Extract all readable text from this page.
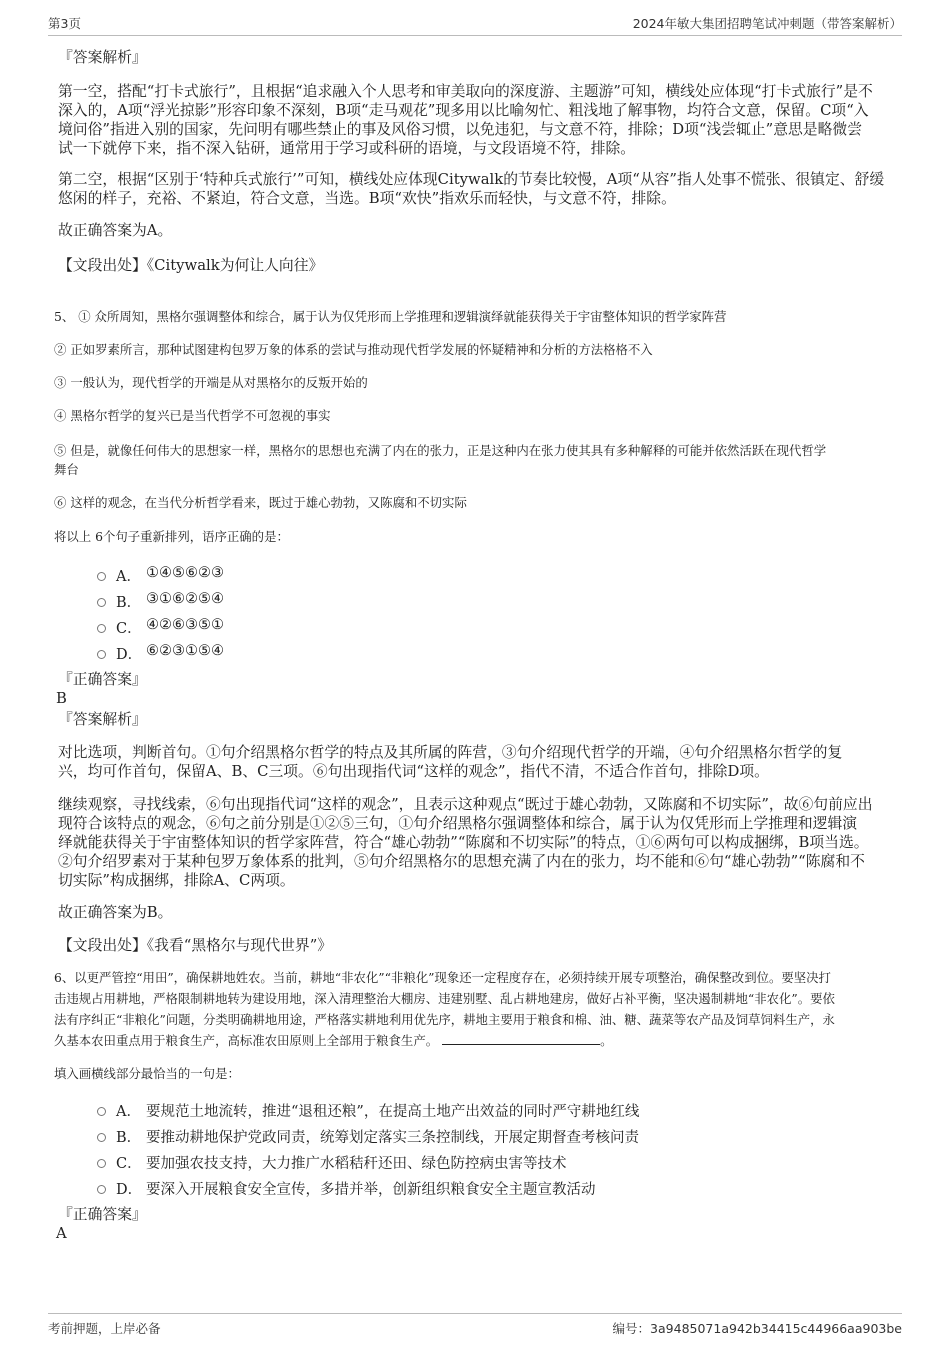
第3页	2024年敏大集团招聘笔试冲刺题（带答案解析）
『答案解析』
第一空，搭配“打卡式旅行”，且根据“追求融入个人思考和审美取向的深度游、主题游”可知，横线处应体现“打卡式旅行”是不
深入的，A项“浮光掠影”形容印象不深刻，B项“走马观花”现多用以比喻匆忙、粗浅地了解事物，均符合文意，保留。C项“入
境问俗”指进入别的国家，先问明有哪些禁止的事及风俗习惯，以免违犯，与文意不符，排除；D项“浅尝辄止”意思是略微尝
试一下就停下来，指不深入钻研，通常用于学习或科研的语境，与文段语境不符，排除。
第二空，根据“区别于‘特种兵式旅行’”可知，横线处应体现Citywalk的节奏比较慢，A项“从容”指人处事不慌张、很镇定、舒缓
悠闲的样子，充裕、不紧迫，符合文意，当选。B项“欢快”指欢乐而轻快，与文意不符，排除。
故正确答案为A。
【文段出处】《Citywalk为何让人向往》
5、 ① 众所周知，黑格尔强调整体和综合，属于认为仅凭形而上学推理和逻辑演绎就能获得关于宇宙整体知识的哲学家阵营
② 正如罗素所言，那种试图建构包罗万象的体系的尝试与推动现代哲学发展的怀疑精神和分析的方法格格不入
③ 一般认为，现代哲学的开端是从对黑格尔的反叛开始的
④ 黑格尔哲学的复兴已是当代哲学不可忽视的事实
⑤ 但是，就像任何伟大的思想家一样，黑格尔的思想也充满了内在的张力，正是这种内在张力使其具有多种解释的可能并依然活跃在现代哲学
舞台
⑥ 这样的观念，在当代分析哲学看来，既过于雄心勃勃，又陈腐和不切实际
将以上 6个句子重新排列，语序正确的是：
A． ①④⑤⑥②③
B． ③①⑥②⑤④
C． ④②⑥③⑤①
D． ⑥②③①⑤④
『正确答案』
B
『答案解析』
对比选项，判断首句。①句介绍黑格尔哲学的特点及其所属的阵营，③句介绍现代哲学的开端，④句介绍黑格尔哲学的复
兴，均可作首句，保留A、B、C三项。⑥句出现指代词“这样的观念”，指代不清，不适合作首句，排除D项。
继续观察，寻找线索，⑥句出现指代词“这样的观念”，且表示这种观点“既过于雄心勃勃，又陈腐和不切实际”，故⑥句前应出
现符合该特点的观念，⑥句之前分别是①②⑤三句，①句介绍黑格尔强调整体和综合，属于认为仅凭形而上学推理和逻辑演
绎就能获得关于宇宙整体知识的哲学家阵营，符合“雄心勃勃”“陈腐和不切实际”的特点，①⑥两句可以构成捆绑，B项当选。
②句介绍罗素对于某种包罗万象体系的批判，⑤句介绍黑格尔的思想充满了内在的张力，均不能和⑥句“雄心勃勃”“陈腐和不
切实际”构成捆绑，排除A、C两项。
故正确答案为B。
【文段出处】《我看“黑格尔与现代世界”》
6、以更严管控“用田”，确保耕地姓农。当前，耕地“非农化”“非粮化”现象还一定程度存在，必须持续开展专项整治，确保整改到位。要坚决打
击违规占用耕地，严格限制耕地转为建设用地，深入清理整治大棚房、违建别墅、乱占耕地建房，做好占补平衡，坚决遏制耕地“非农化”。要依
法有序纠正“非粮化”问题，分类明确耕地用途，严格落实耕地利用优先序，耕地主要用于粮食和棉、油、糖、蔬菜等农产品及饲草饲料生产，永
久基本农田重点用于粮食生产，高标准农田原则上全部用于粮食生产。	。
填入画横线部分最恰当的一句是：
A． 要规范土地流转，推进“退租还粮”，在提高土地产出效益的同时严守耕地红线
B． 要推动耕地保护党政同责，统筹划定落实三条控制线，开展定期督查考核问责
C． 要加强农技支持，大力推广水稻秸秆还田、绿色防控病虫害等技术
D． 要深入开展粮食安全宣传，多措并举，创新组织粮食安全主题宣教活动
『正确答案』
A
考前押题，上岸必备	编号：3a9485071a942b34415c44966aa903be
